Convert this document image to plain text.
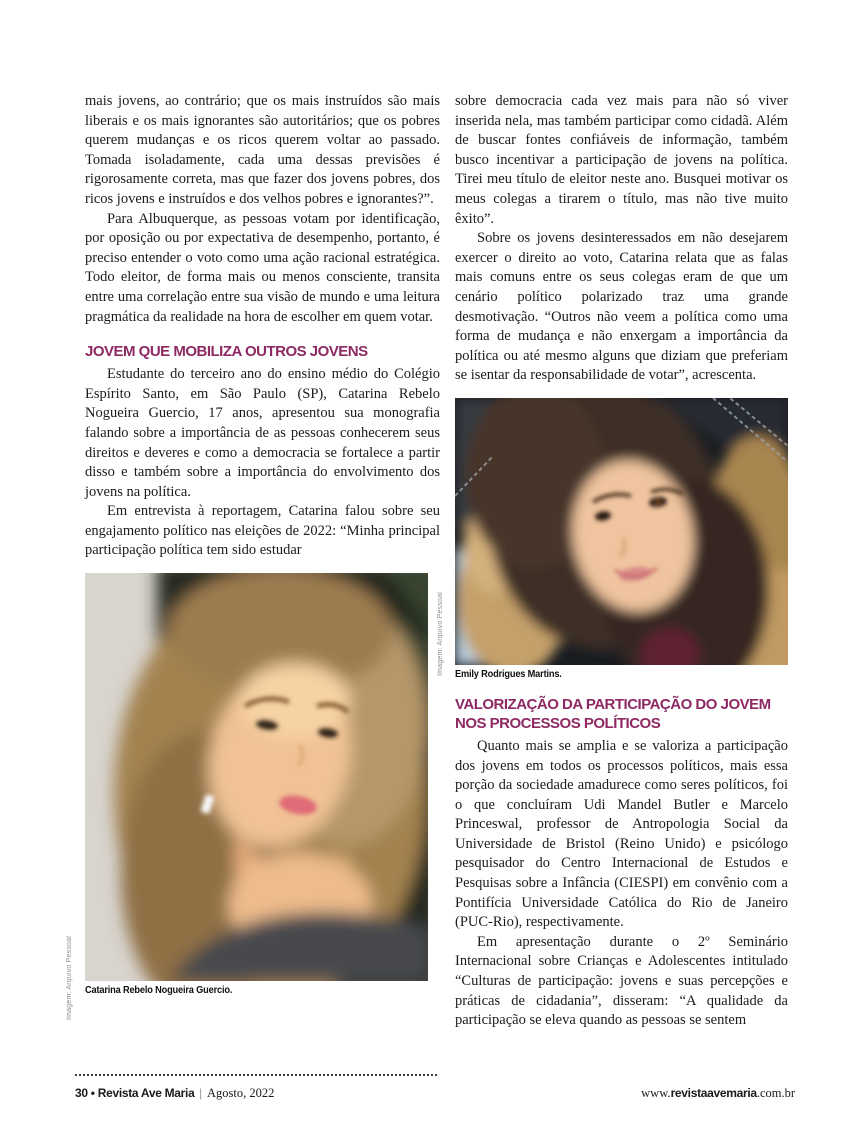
mais jovens, ao contrário; que os mais instruídos são mais liberais e os mais ignorantes são autoritários; que os pobres querem mudanças e os ricos querem voltar ao passado. Tomada isoladamente, cada uma dessas previsões é rigorosamente correta, mas que fazer dos jovens pobres, dos ricos jovens e instruídos e dos velhos pobres e ignorantes?”.

Para Albuquerque, as pessoas votam por identificação, por oposição ou por expectativa de desempenho, portanto, é preciso entender o voto como uma ação racional estratégica. Todo eleitor, de forma mais ou menos consciente, transita entre uma correlação entre sua visão de mundo e uma leitura pragmática da realidade na hora de escolher em quem votar.

JOVEM QUE MOBILIZA OUTROS JOVENS

Estudante do terceiro ano do ensino médio do Colégio Espírito Santo, em São Paulo (SP), Catarina Rebelo Nogueira Guercio, 17 anos, apresentou sua monografia falando sobre a importância de as pessoas conhecerem seus direitos e deveres e como a democracia se fortalece a partir disso e também sobre a importância do envolvimento dos jovens na política.

Em entrevista à reportagem, Catarina falou sobre seu engajamento político nas eleições de 2022: “Minha principal participação política tem sido estudar

Catarina Rebelo Nogueira Guercio.

sobre democracia cada vez mais para não só viver inserida nela, mas também participar como cidadã. Além de buscar fontes confiáveis de informação, também busco incentivar a participação de jovens na política. Tirei meu título de eleitor neste ano. Busquei motivar os meus colegas a tirarem o título, mas não tive muito êxito”.

Sobre os jovens desinteressados em não desejarem exercer o direito ao voto, Catarina relata que as falas mais comuns entre os seus colegas eram de que um cenário político polarizado traz uma grande desmotivação. “Outros não veem a política como uma forma de mudança e não enxergam a importância da política ou até mesmo alguns que diziam que preferiam se isentar da responsabilidade de votar”, acrescenta.

Emily Rodrigues Martins.
VALORIZAÇÃO DA PARTICIPAÇÃO DO JOVEM NOS PROCESSOS POLÍTICOS

Quanto mais se amplia e se valoriza a participação dos jovens em todos os processos políticos, mais essa porção da sociedade amadurece como seres políticos, foi o que concluíram Udi Mandel Butler e Marcelo Princeswal, professor de Antropologia Social da Universidade de Bristol (Reino Unido) e psicólogo pesquisador do Centro Internacional de Estudos e Pesquisas sobre a Infância (CIESPI) em convênio com a Pontifícia Universidade Católica do Rio de Janeiro (PUC-Rio), respectivamente.

Em apresentação durante o 2º Seminário Internacional sobre Crianças e Adolescentes intitulado “Culturas de participação: jovens e suas percepções e práticas de cidadania”, disseram: “A qualidade da participação se eleva quando as pessoas se sentem

Imagem: Arquivo Pessoal
Imagem: Arquivo Pessoal
30 • Revista Ave Maria | Agosto, 2022	www.revistaavemaria.com.br
